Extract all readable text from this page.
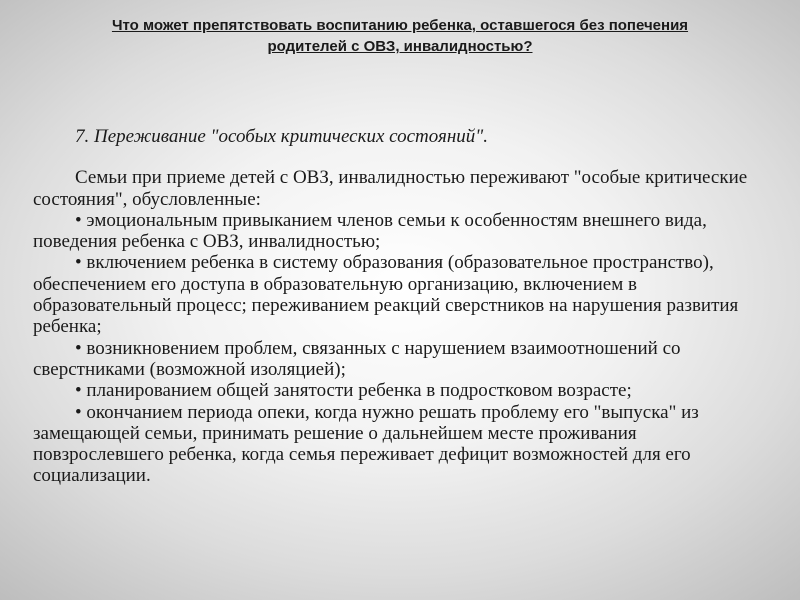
Что может препятствовать воспитанию ребенка, оставшегося без попечения
родителей с ОВЗ, инвалидностью?

7. Переживание "особых критических состояний".

Семьи при приеме детей с ОВЗ, инвалидностью переживают "особые критические состояния", обусловленные:

• эмоциональным привыканием членов семьи к особенностям внешнего вида, поведения ребенка с ОВЗ, инвалидностью;

• включением ребенка в систему образования (образовательное пространство), обеспечением его доступа в образовательную организацию, включением в образовательный процесс; переживанием реакций сверстников на нарушения развития ребенка;

• возникновением проблем, связанных с нарушением взаимоотношений со сверстниками (возможной изоляцией);

• планированием общей занятости ребенка в подростковом возрасте;

• окончанием периода опеки, когда нужно решать проблему его "выпуска" из замещающей семьи, принимать решение о дальнейшем месте проживания повзрослевшего ребенка, когда семья переживает дефицит возможностей для его социализации.
